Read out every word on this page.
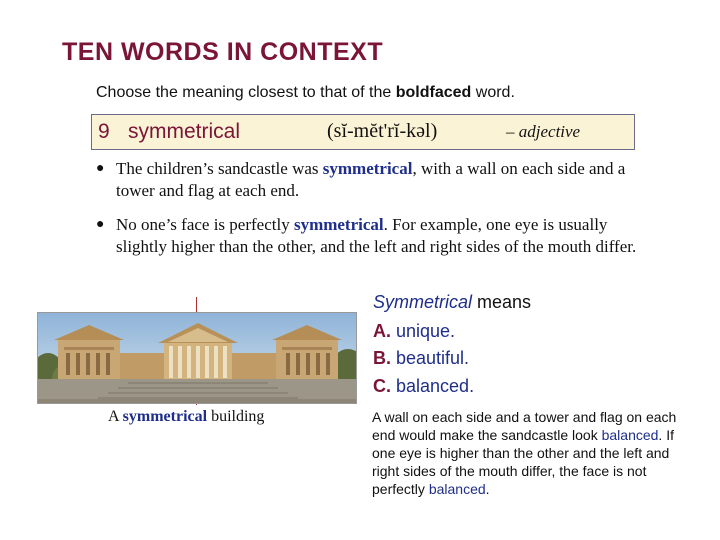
TEN WORDS IN CONTEXT
Choose the meaning closest to that of the boldfaced word.
9 symmetrical	(sĭ-mĕt'rĭ-kəl)	– adjective
● The children’s sandcastle was symmetrical, with a wall on each side and a tower and flag at each end.
● No one’s face is perfectly symmetrical. For example, one eye is usually slightly higher than the other, and the left and right sides of the mouth differ.
A symmetrical building
Symmetrical means
A. unique.
B. beautiful.
C. balanced.
A wall on each side and a tower and flag on each end would make the sandcastle look balanced. If one eye is higher than the other and the left and right sides of the mouth differ, the face is not perfectly balanced.
